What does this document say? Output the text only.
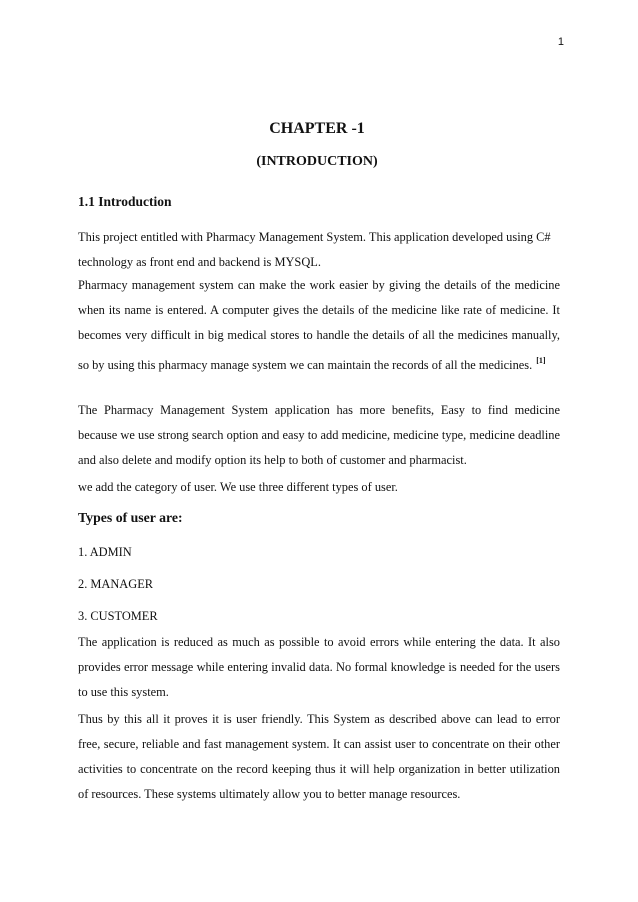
1
CHAPTER -1
(INTRODUCTION)
1.1 Introduction

This project entitled with Pharmacy Management System. This application developed using C# technology as front end and backend is MYSQL.

Pharmacy management system can make the work easier by giving the details of the medicine when its name is entered. A computer gives the details of the medicine like rate of medicine. It becomes very difficult in big medical stores to handle the details of all the medicines manually, so by using this pharmacy manage system we can maintain the records of all the medicines. [1]

The Pharmacy Management System application has more benefits, Easy to find medicine because we use strong search option and easy to add medicine, medicine type, medicine deadline and also delete and modify option its help to both of customer and pharmacist.

we add the category of user. We use three different types of user.

Types of user are:

1. ADMIN

2. MANAGER

3. CUSTOMER

The application is reduced as much as possible to avoid errors while entering the data. It also provides error message while entering invalid data. No formal knowledge is needed for the users to use this system.

Thus by this all it proves it is user friendly. This System as described above can lead to error free, secure, reliable and fast management system. It can assist user to concentrate on their other activities to concentrate on the record keeping thus it will help organization in better utilization of resources. These systems ultimately allow you to better manage resources.
